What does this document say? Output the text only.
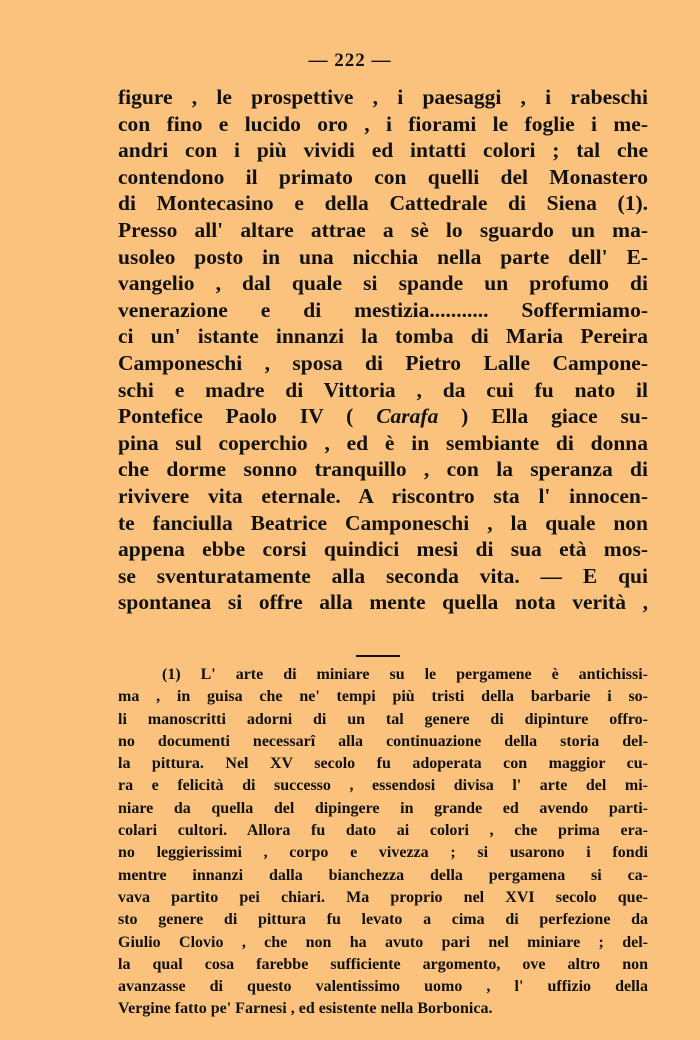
— 222 —
figure , le prospettive , i paesaggi , i rabeschi
con fino e lucido oro , i fiorami le foglie i me-
andri con i più vividi ed intatti colori ; tal che
contendono il primato con quelli del Monastero
di Montecasino e della Cattedrale di Siena (1).
Presso all' altare attrae a sè lo sguardo un ma-
usoleo posto in una nicchia nella parte dell' E-
vangelio , dal quale si spande un profumo di
venerazione e di mestizia........... Soffermiamo-
ci un' istante innanzi la tomba di Maria Pereira
Camponeschi , sposa di Pietro Lalle Campone-
schi e madre di Vittoria , da cui fu nato il
Pontefice Paolo IV ( Carafa ) Ella giace su-
pina sul coperchio , ed è in sembiante di donna
che dorme sonno tranquillo , con la speranza di
rivivere vita eternale. A riscontro sta l' innocen-
te fanciulla Beatrice Camponeschi , la quale non
appena ebbe corsi quindici mesi di sua età mos-
se sventuratamente alla seconda vita. — E qui
spontanea si offre alla mente quella nota verità ,
(1) L' arte di miniare su le pergamene è antichissi-
ma , in guisa che ne' tempi più tristi della barbarie i so-
li manoscritti adorni di un tal genere di dipinture offro-
no documenti necessarî alla continuazione della storia del-
la pittura. Nel XV secolo fu adoperata con maggior cu-
ra e felicità di successo , essendosi divisa l' arte del mi-
niare da quella del dipingere in grande ed avendo parti-
colari cultori. Allora fu dato ai colori , che prima era-
no leggierissimi , corpo e vivezza ; si usarono i fondi
mentre innanzi dalla bianchezza della pergamena si ca-
vava partito pei chiari. Ma proprio nel XVI secolo que-
sto genere di pittura fu levato a cima di perfezione da
Giulio Clovio , che non ha avuto pari nel miniare ; del-
la qual cosa farebbe sufficiente argomento, ove altro non
avanzasse di questo valentissimo uomo , l' uffizio della
Vergine fatto pe' Farnesi , ed esistente nella Borbonica.
